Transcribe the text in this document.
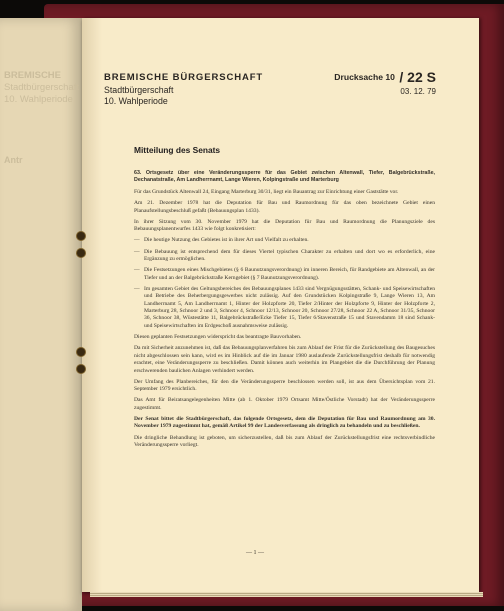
BREMISCHE
Stadtbürgerschaft
10. Wahlperiode
Antr
BREMISCHE BÜRGERSCHAFT
Stadtbürgerschaft
10. Wahlperiode
Drucksache 10 / 22 S
03. 12. 79
Mitteilung des Senats

63. Ortsgesetz über eine Veränderungssperre für das Gebiet zwischen Altenwall, Tiefer, Balgebrückstraße, Dechanatstraße, Am Landherrnamt, Lange Wieren, Kolpingstraße und Marterburg

Für das Grundstück Altenwall 24, Eingang Marterburg 30/31, liegt ein Bauantrag zur Einrichtung einer Gaststätte vor.

Am 21. Dezember 1978 hat die Deputation für Bau und Raumordnung für das oben bezeichnete Gebiet einen Planaufstellungsbeschluß gefaßt (Bebauungsplan 1433).

In ihrer Sitzung vom 30. November 1979 hat die Deputation für Bau und Raumordnung die Planungsziele des Bebauungsplanentwurfes 1433 wie folgt konkretisiert:

— Die heutige Nutzung des Gebietes ist in ihrer Art und Vielfalt zu erhalten.
— Die Bebauung ist entsprechend dem für dieses Viertel typischen Charakter zu erhalten und dort wo es erforderlich, eine Ergänzung zu ermöglichen.
— Die Festsetzungen eines Mischgebietes (§ 6 Baunutzungsverordnung) im inneren Bereich, für Randgebiete am Altenwall, an der Tiefer und an der Balgebrückstraße Kerngebiet (§ 7 Baunutzungsverordnung).
— Im gesamten Gebiet des Geltungsbereiches des Bebauungsplanes 1433 sind Vergnügungsstätten, Schank- und Speisewirtschaften und Betriebe des Beherbergungsgewerbes nicht zulässig. Auf den Grundstücken Kolpingstraße 9, Lange Wieren 13, Am Landherrnamt 5, Am Landherrnamt 1, Hinter der Holzpforte 20, Tiefer 2/Hinter der Holzpforte 9, Hinter der Holzpforte 2, Marterburg 28, Schnoor 2 und 3, Schnoor 4, Schnoor 12/13, Schnoor 20, Schnoor 27/28, Schnoor 22 A, Schnoor 31/35, Schnoor 36, Schnoor 38, Wüstestätte 11, Balgebrückstraße/Ecke Tiefer 15, Tiefer 6/Stavenstraße 15 und Stavendamm 18 sind Schank- und Speisewirtschaften im Erdgeschoß ausnahmsweise zulässig.

Diesen geplanten Festsetzungen widerspricht das beantragte Bauvorhaben.

Da mit Sicherheit anzunehmen ist, daß das Bebauungsplanverfahren bis zum Ablauf der Frist für die Zurückstellung des Baugesuches nicht abgeschlossen sein kann, wird es im Hinblick auf die im Januar 1980 auslaufende Zurückstellungsfrist deshalb für notwendig erachtet, eine Veränderungssperre zu beschließen. Damit können auch weiterhin im Plangebiet die die Durchführung der Planung erschwerenden baulichen Anlagen verhindert werden.

Der Umfang des Planbereiches, für den die Veränderungssperre beschlossen werden soll, ist aus dem Übersichtsplan vom 21. September 1979 ersichtlich.

Das Amt für Beiratsangelegenheiten Mitte (ab 1. Oktober 1979 Ortsamt Mitte/Östliche Vorstadt) hat der Veränderungssperre zugestimmt.

Der Senat bittet die Stadtbürgerschaft, das folgende Ortsgesetz, dem die Deputation für Bau und Raumordnung am 30. November 1979 zugestimmt hat, gemäß Artikel 99 der Landesverfassung als dringlich zu behandeln und zu beschließen.

Die dringliche Behandlung ist geboten, um sicherzustellen, daß bis zum Ablauf der Zurückstellungsfrist eine rechtsverbindliche Veränderungssperre vorliegt.

— 1 —
